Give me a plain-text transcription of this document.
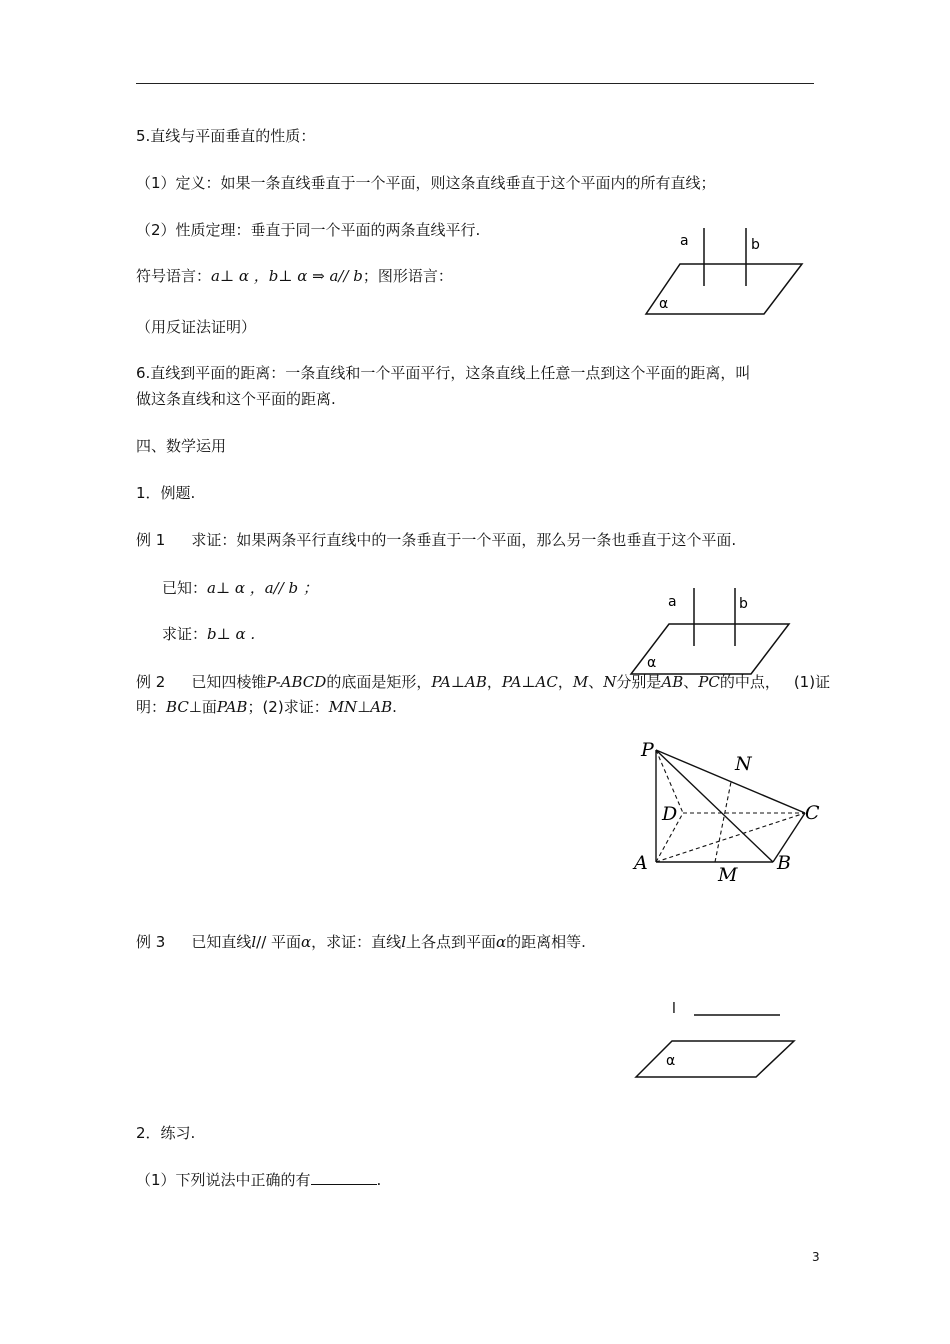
5.直线与平面垂直的性质：
（1）定义：如果一条直线垂直于一个平面，则这条直线垂直于这个平面内的所有直线；
（2）性质定理：垂直于同一个平面的两条直线平行.
符号语言：a⊥ α ，b⊥ α ⇒ a// b；图形语言：
（用反证法证明）
6.直线到平面的距离：一条直线和一个平面平行，这条直线上任意一点到这个平面的距离，叫
做这条直线和这个平面的距离.
四、数学运用
1．例题.
例 1 求证：如果两条平行直线中的一条垂直于一个平面，那么另一条也垂直于这个平面.
已知：a⊥ α ，a// b ；
求证：b⊥ α .
例 2 已知四棱锥P-ABCD的底面是矩形，PA⊥AB，PA⊥AC，M、N分别是AB、PC的中点， (1)证
明：BC⊥面PAB；(2)求证：MN⊥AB.
例 3 已知直线l// 平面α，求证：直线l上各点到平面α的距离相等.
2．练习.
（1）下列说法中正确的有	.
a	b
α
a	b
α
P
N
D	C
A	B
M
l
α
3
